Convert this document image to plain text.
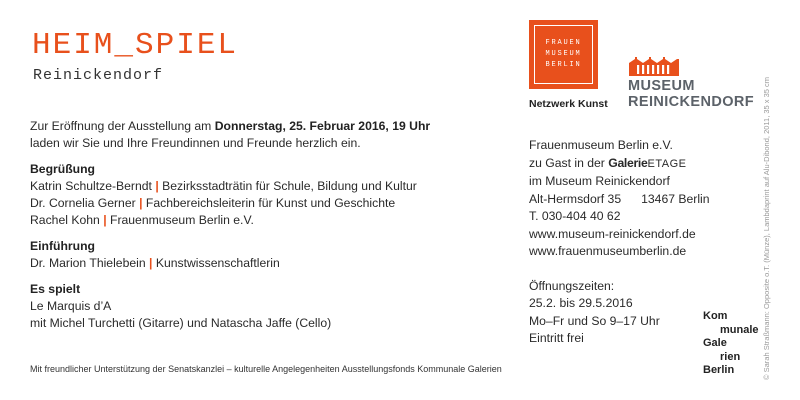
HEIM_SPIEL
Reinickendorf

Zur Eröffnung der Ausstellung am Donnerstag, 25. Februar 2016, 19 Uhr

laden wir Sie und Ihre Freundinnen und Freunde herzlich ein.

Begrüßung

Katrin Schultze-Berndt | Bezirksstadträtin für Schule, Bildung und Kultur

Dr. Cornelia Gerner | Fachbereichsleiterin für Kunst und Geschichte

Rachel Kohn | Frauenmuseum Berlin e.V.

Einführung

Dr. Marion Thielebein | Kunstwissenschaftlerin

Es spielt

Le Marquis d’A

mit Michel Turchetti (Gitarre) und Natascha Jaffe (Cello)

Mit freundlicher Unterstützung der Senatskanzlei – kulturelle Angelegenheiten Ausstellungsfonds Kommunale Galerien
FRAUEN
MUSEUM
BERLIN
Netzwerk Kunst
MUSEUM
REINICKENDORF

Frauenmuseum Berlin e.V.

zu Gast in der GalerieETAGE

im Museum Reinickendorf

Alt-Hermsdorf 35 13467 Berlin

T. 030-404 40 62

www.museum-reinickendorf.de

www.frauenmuseumberlin.de

Öffnungszeiten:

25.2. bis 29.5.2016

Mo–Fr und So 9–17 Uhr

Eintritt frei

Kom
munale
Gale
rien
Berlin	© Sarah Straßmann: Opposite o.T. (Münze), Lambdaprint auf Alu-Dibond, 2011, 35 x 35 cm
